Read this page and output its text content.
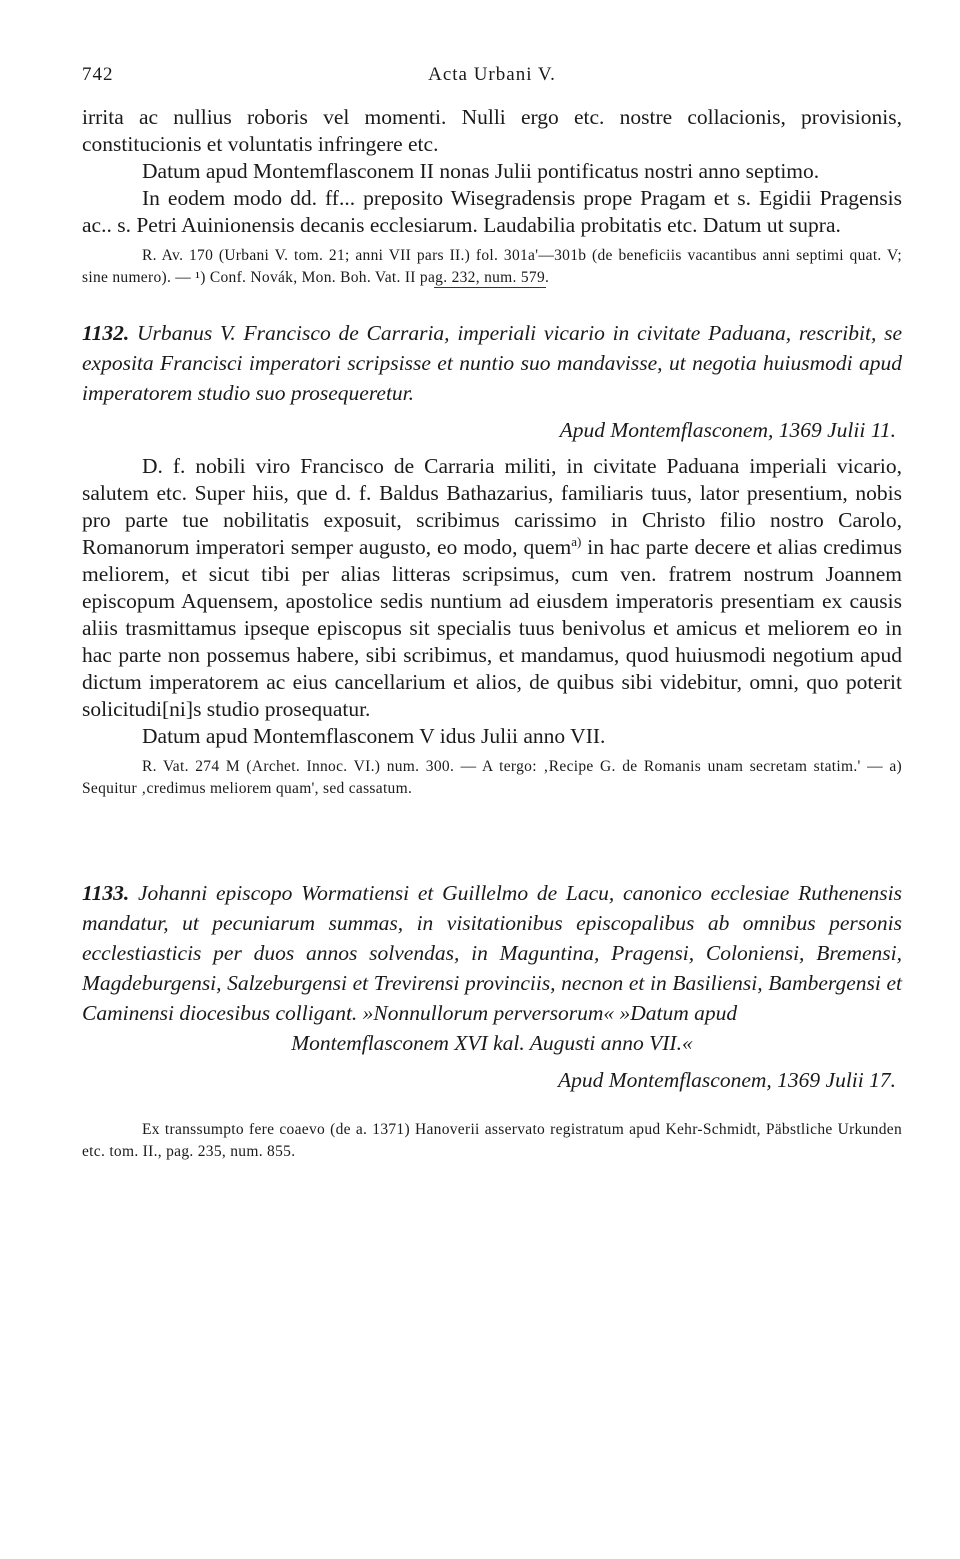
742	Acta Urbani V.

irrita ac nullius roboris vel momenti. Nulli ergo etc. nostre collacionis, provisionis, constitucionis et voluntatis infringere etc.

Datum apud Montemflasconem II nonas Julii pontificatus nostri anno septimo.

In eodem modo dd. ff... preposito Wisegradensis prope Pragam et s. Egidii Pragensis ac.. s. Petri Auinionensis decanis ecclesiarum. Laudabilia probitatis etc. Datum ut supra.

R. Av. 170 (Urbani V. tom. 21; anni VII pars II.) fol. 301a'—301b (de beneficiis vacantibus anni septimi quat. V; sine numero). — ¹) Conf. Novák, Mon. Boh. Vat. II pag. 232, num. 579.

1132. Urbanus V. Francisco de Carraria, imperiali vicario in civitate Paduana, rescribit, se exposita Francisci imperatori scripsisse et nuntio suo mandavisse, ut negotia huiusmodi apud imperatorem studio suo prosequeretur.

Apud Montemflasconem, 1369 Julii 11.

D. f. nobili viro Francisco de Carraria militi, in civitate Paduana imperiali vicario, salutem etc. Super hiis, que d. f. Baldus Bathazarius, familiaris tuus, lator presentium, nobis pro parte tue nobilitatis exposuit, scribimus carissimo in Christo filio nostro Carolo, Romanorum imperatori semper augusto, eo modo, quem$^{a)}$ in hac parte decere et alias credimus meliorem, et sicut tibi per alias litteras scripsimus, cum ven. fratrem nostrum Joannem episcopum Aquensem, apostolice sedis nuntium ad eiusdem imperatoris presentiam ex causis aliis trasmittamus ipseque episcopus sit specialis tuus benivolus et amicus et meliorem eo in hac parte non possemus habere, sibi scribimus, et mandamus, quod huiusmodi negotium apud dictum imperatorem ac eius cancellarium et alios, de quibus sibi videbitur, omni, quo poterit solicitudi[ni]s studio prosequatur.

Datum apud Montemflasconem V idus Julii anno VII.

R. Vat. 274 M (Archet. Innoc. VI.) num. 300. — A tergo: ‚Recipe G. de Romanis unam secretam statim.' — a) Sequitur ‚credimus meliorem quam', sed cassatum.

1133. Johanni episcopo Wormatiensi et Guillelmo de Lacu, canonico ecclesiae Ruthenensis mandatur, ut pecuniarum summas, in visitationibus episcopalibus ab omnibus personis ecclestiasticis per duos annos solvendas, in Maguntina, Pragensi, Coloniensi, Bremensi, Magdeburgensi, Salzeburgensi et Trevirensi provinciis, necnon et in Basiliensi, Bambergensi et Caminensi diocesibus colligant. »Nonnullorum perversorum« »Datum apud

Montemflasconem XVI kal. Augusti anno VII.«

Apud Montemflasconem, 1369 Julii 17.

Ex transsumpto fere coaevo (de a. 1371) Hanoverii asservato registratum apud Kehr-Schmidt, Päbstliche Urkunden etc. tom. II., pag. 235, num. 855.
